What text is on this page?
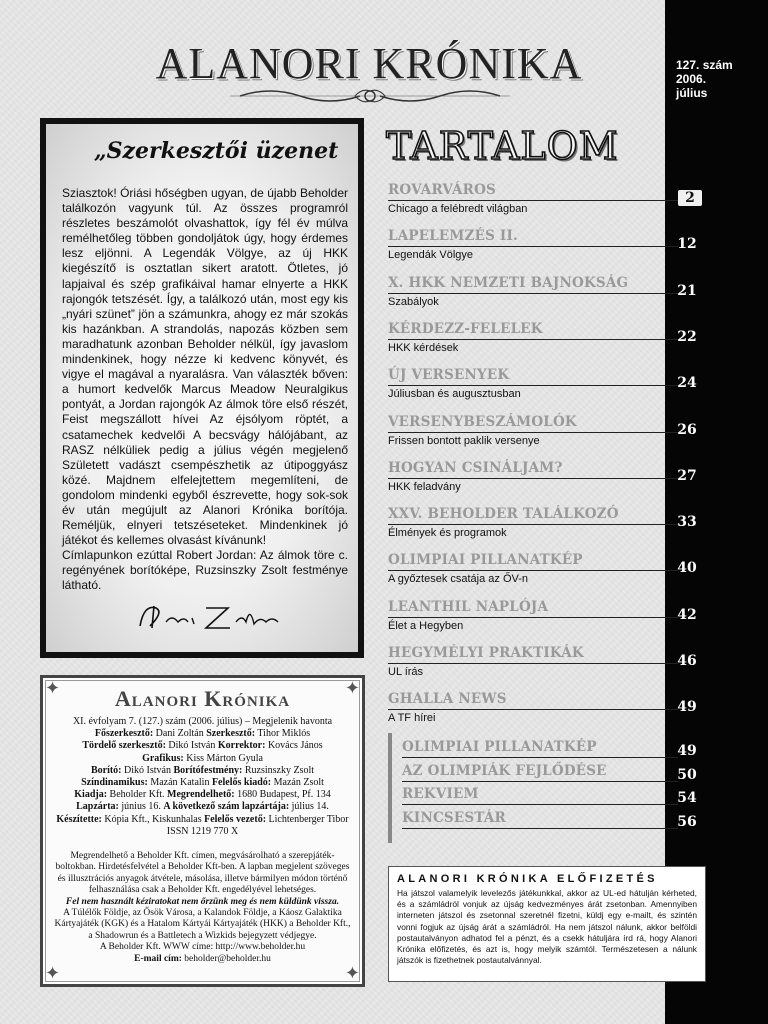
127. szám
2006.
július
ALANORI KRÓNIKA
„Szerkesztői üzenet
Sziasztok! Óriási hőségben ugyan, de újabb Beholder találkozón vagyunk túl. Az összes programról részletes beszámolót olvashattok, így fél év múlva remélhetőleg többen gondoljátok úgy, hogy érdemes lesz eljönni. A Legendák Völgye, az új HKK kiegészítő is osztatlan sikert aratott. Ötletes, jó lapjaival és szép grafikáival hamar elnyerte a HKK rajongók tetszését. Így, a találkozó után, most egy kis „nyári szünet” jön a számunkra, ahogy ez már szokás kis hazánkban. A strandolás, napozás közben sem maradhatunk azonban Beholder nélkül, így javaslom mindenkinek, hogy nézze ki kedvenc könyvét, és vigye el magával a nyaralásra. Van választék bőven: a humort kedvelők Marcus Meadow Neuralgikus pontyát, a Jordan rajongók Az álmok töre első részét, Feist megszállott hívei Az éjsólyom röptét, a csatamechek kedvelői A becsvágy hálójábant, az RASZ nélküliek pedig a július végén megjelenő Született vadászt csempészhetik az útipoggyász közé. Majdnem elfelejtettem megemlíteni, de gondolom mindenki egyből észrevette, hogy sok-sok év után megújult az Alanori Krónika borítója. Reméljük, elnyeri tetszéseteket. Mindenkinek jó játékot és kellemes olvasást kívánunk!
Címlapunkon ezúttal Robert Jordan: Az álmok töre c. regényének borítóképe, Ruzsinszky Zsolt festménye látható.
✦	✦
✦	✦
Alanori Krónika
XI. évfolyam 7. (127.) szám (2006. július) – Megjelenik havonta
Főszerkesztő: Dani Zoltán Szerkesztő: Tihor Miklós
Tördelő szerkesztő: Dikó István Korrektor: Kovács János
Grafikus: Kiss Márton Gyula
Borító: Dikó István Borítófestmény: Ruzsinszky Zsolt
Színdinamikus: Mazán Katalin Felelős kiadó: Mazán Zsolt
Kiadja: Beholder Kft. Megrendelhető: 1680 Budapest, Pf. 134
Lapzárta: június 16. A következő szám lapzártája: július 14.
Készítette: Kópia Kft., Kiskunhalas Felelős vezető: Lichtenberger Tibor
ISSN 1219 770 X
Megrendelhető a Beholder Kft. címen, megvásárolható a szerepjáték-
boltokban. Hirdetésfelvétel a Beholder Kft-ben. A lapban megjelent szöveges
és illusztrációs anyagok átvétele, másolása, illetve bármilyen módon történő
felhasználása csak a Beholder Kft. engedélyével lehetséges.
Fel nem használt kéziratokat nem őrzünk meg és nem küldünk vissza.
A Túlélők Földje, az Ősök Városa, a Kalandok Földje, a Káosz Galaktika
Kártyajáték (KGK) és a Hatalom Kártyái Kártyajáték (HKK) a Beholder Kft.,
a Shadowrun és a Battletech a Wizkids bejegyzett védjegye.
A Beholder Kft. WWW címe: http://www.beholder.hu
E-mail cím: beholder@beholder.hu
TARTALOM
ROVARVÁROS
Chicago a felébredt világban
2
LAPELEMZÉS II.
Legendák Völgye
12
X. HKK NEMZETI BAJNOKSÁG
Szabályok
21
KÉRDEZZ-FELELEK
HKK kérdések
22
ÚJ VERSENYEK
Júliusban és augusztusban
24
VERSENYBESZÁMOLÓK
Frissen bontott paklik versenye
26
HOGYAN CSINÁLJAM?
HKK feladvány
27
XXV. BEHOLDER TALÁLKOZÓ
Élmények és programok
33
OLIMPIAI PILLANATKÉP
A győztesek csatája az ŐV-n
40
LEANTHIL NAPLÓJA
Élet a Hegyben
42
HEGYMÉLYI PRAKTIKÁK
UL írás
46
GHALLA NEWS
A TF hírei
49
OLIMPIAI PILLANATKÉP	49
AZ OLIMPIÁK FEJLŐDÉSE	50
REKVIEM	54
KINCSESTÁR	56
ALANORI KRÓNIKA ELŐFIZETÉS
Ha játszol valamelyik levelezős játékunkkal, akkor az UL-ed hátulján kérheted, és a számládról vonjuk az újság kedvezményes árát zsetonban. Amennyiben interneten játszol és zsetonnal szeretnél fizetni, küldj egy e-mailt, és szintén vonni fogjuk az újság árát a számládról. Ha nem játszol nálunk, akkor belföldi postautalványon adhatod fel a pénzt, és a csekk hátuljára írd rá, hogy Alanori Krónika előfizetés, és azt is, hogy melyik számtól. Természetesen a nálunk játszók is fizethetnek postautalvánnyal.
